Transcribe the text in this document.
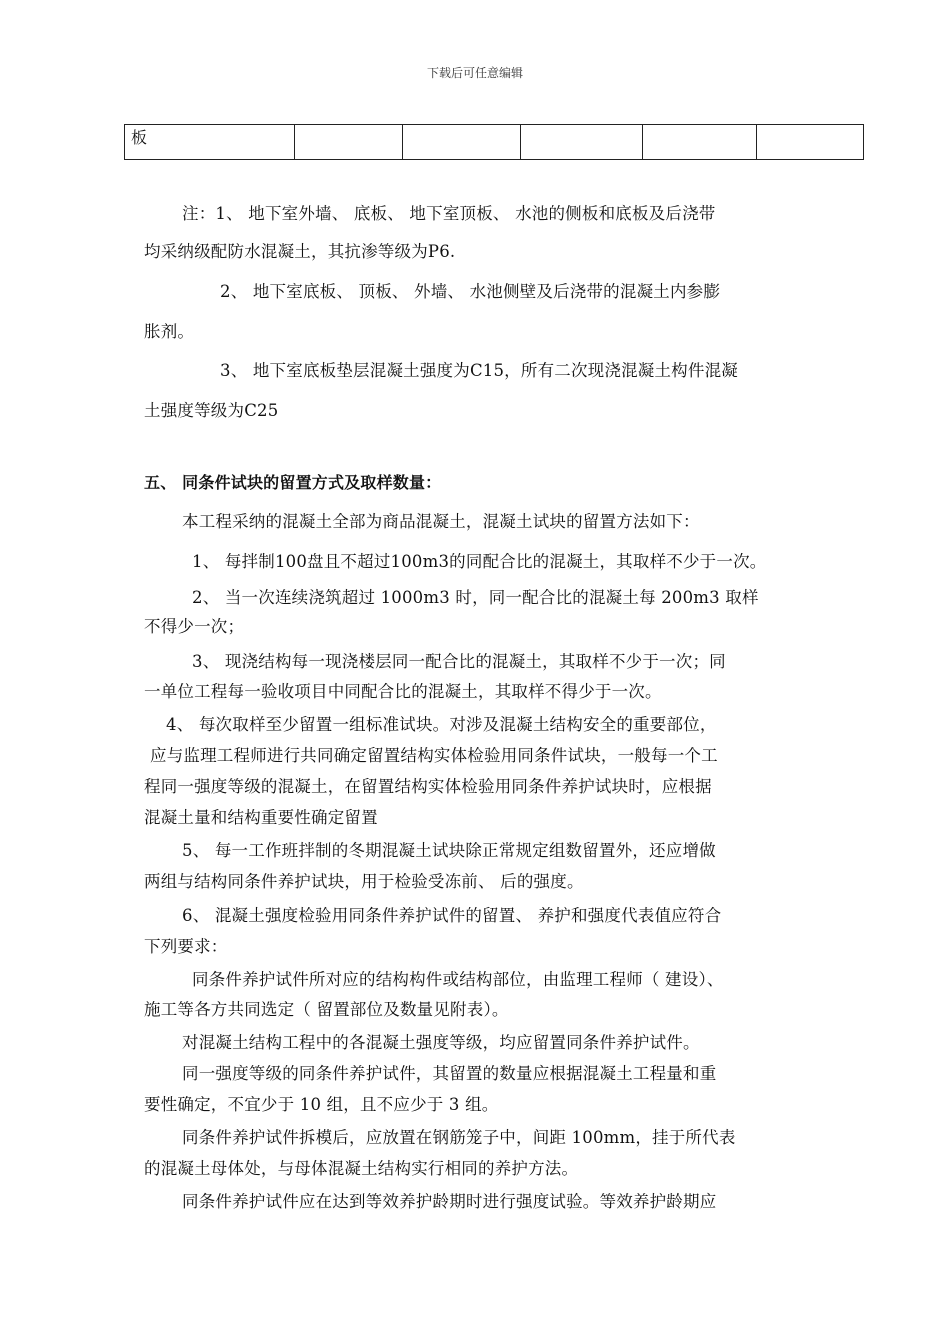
下载后可任意编辑
板					
注：1、 地下室外墙、 底板、 地下室顶板、 水池的侧板和底板及后浇带
均采纳级配防水混凝土，其抗渗等级为P6.
2、 地下室底板、 顶板、 外墙、 水池侧壁及后浇带的混凝土内参膨
胀剂。
3、 地下室底板垫层混凝土强度为C15，所有二次现浇混凝土构件混凝
土强度等级为C25
五、 同条件试块的留置方式及取样数量：
本工程采纳的混凝土全部为商品混凝土，混凝土试块的留置方法如下：
1、 每拌制100盘且不超过100m3的同配合比的混凝土，其取样不少于一次。
2、 当一次连续浇筑超过 1000m3 时，同一配合比的混凝土每 200m3 取样
不得少一次；
3、 现浇结构每一现浇楼层同一配合比的混凝土，其取样不少于一次；同
一单位工程每一验收项目中同配合比的混凝土，其取样不得少于一次。
4、 每次取样至少留置一组标准试块。对涉及混凝土结构安全的重要部位，
应与监理工程师进行共同确定留置结构实体检验用同条件试块，一般每一个工
程同一强度等级的混凝土，在留置结构实体检验用同条件养护试块时，应根据
混凝土量和结构重要性确定留置
5、 每一工作班拌制的冬期混凝土试块除正常规定组数留置外，还应增做
两组与结构同条件养护试块，用于检验受冻前、 后的强度。
6、 混凝土强度检验用同条件养护试件的留置、 养护和强度代表值应符合
下列要求：
同条件养护试件所对应的结构构件或结构部位，由监理工程师（ 建设）、
施工等各方共同选定（ 留置部位及数量见附表）。
对混凝土结构工程中的各混凝土强度等级，均应留置同条件养护试件。
同一强度等级的同条件养护试件，其留置的数量应根据混凝土工程量和重
要性确定，不宜少于 10 组，且不应少于 3 组。
同条件养护试件拆模后，应放置在钢筋笼子中，间距 100mm，挂于所代表
的混凝土母体处，与母体混凝土结构实行相同的养护方法。
同条件养护试件应在达到等效养护龄期时进行强度试验。等效养护龄期应
